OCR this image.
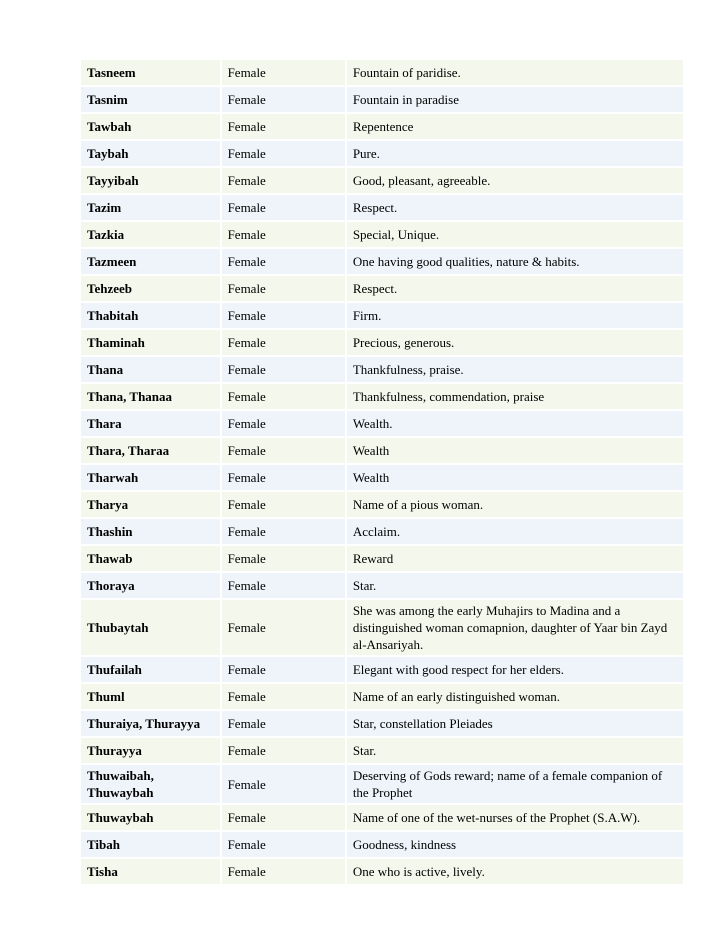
Tasneem	Female	Fountain of paridise.
Tasnim	Female	Fountain in paradise
Tawbah	Female	Repentence
Taybah	Female	Pure.
Tayyibah	Female	Good, pleasant, agreeable.
Tazim	Female	Respect.
Tazkia	Female	Special, Unique.
Tazmeen	Female	One having good qualities, nature & habits.
Tehzeeb	Female	Respect.
Thabitah	Female	Firm.
Thaminah	Female	Precious, generous.
Thana	Female	Thankfulness, praise.
Thana, Thanaa	Female	Thankfulness, commendation, praise
Thara	Female	Wealth.
Thara, Tharaa	Female	Wealth
Tharwah	Female	Wealth
Tharya	Female	Name of a pious woman.
Thashin	Female	Acclaim.
Thawab	Female	Reward
Thoraya	Female	Star.
Thubaytah	Female	She was among the early Muhajirs to Madina and a distinguished woman comapnion, daughter of Yaar bin Zayd al-Ansariyah.
Thufailah	Female	Elegant with good respect for her elders.
Thuml	Female	Name of an early distinguished woman.
Thuraiya, Thurayya	Female	Star, constellation Pleiades
Thurayya	Female	Star.
Thuwaibah, Thuwaybah	Female	Deserving of Gods reward; name of a female companion of the Prophet
Thuwaybah	Female	Name of one of the wet-nurses of the Prophet (S.A.W).
Tibah	Female	Goodness, kindness
Tisha	Female	One who is active, lively.
